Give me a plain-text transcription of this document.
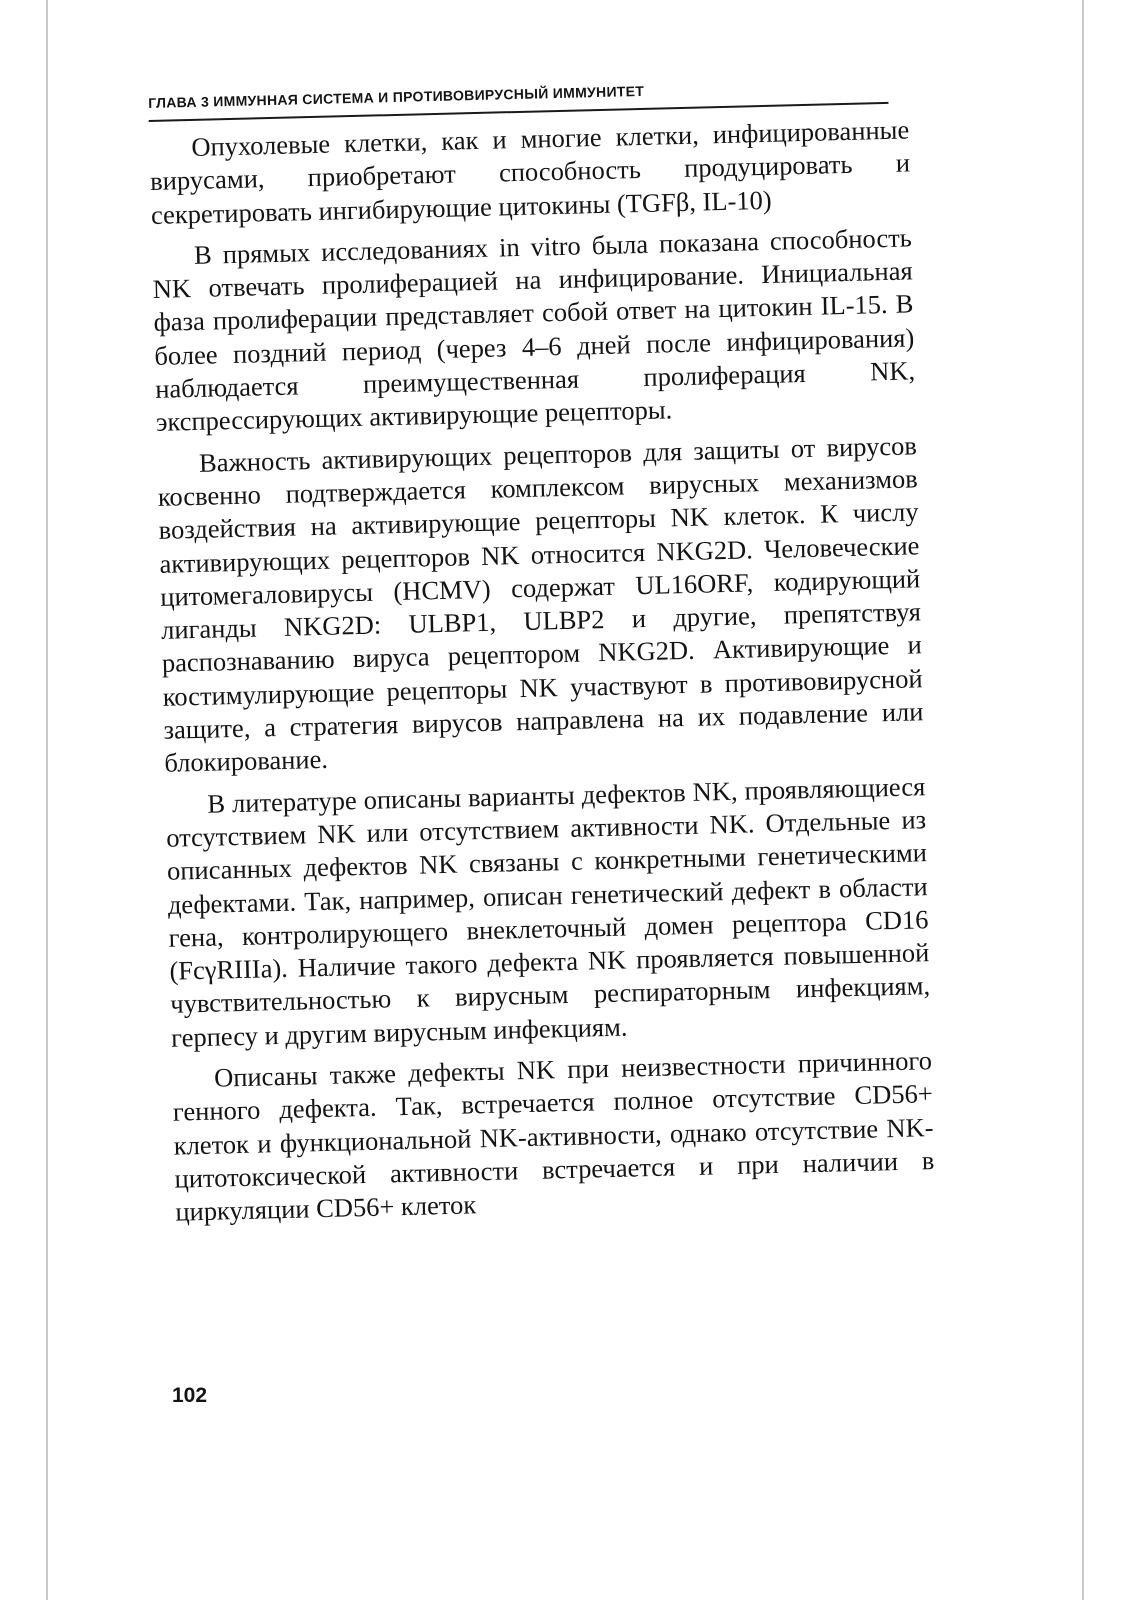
ГЛАВА 3 ИММУННАЯ СИСТЕМА И ПРОТИВОВИРУСНЫЙ ИММУНИТЕТ

Опухолевые клетки, как и многие клетки, инфицированные вирусами, приобретают способность продуцировать и секретировать ингибирующие цитокины (TGFβ, IL-10)

В прямых исследованиях in vitro была показана способность NK отвечать пролиферацией на инфицирование. Инициальная фаза пролиферации представляет собой ответ на цитокин IL-15. В более поздний период (через 4–6 дней после инфицирования) наблюдается преимущественная пролиферация NK, экспрессирующих активирующие рецепторы.

Важность активирующих рецепторов для защиты от вирусов косвенно подтверждается комплексом вирусных механизмов воздействия на активирующие рецепторы NK клеток. К числу активирующих рецепторов NK относится NKG2D. Человеческие цитомегаловирусы (HCMV) содержат UL16ORF, кодирующий лиганды NKG2D: ULBP1, ULBP2 и другие, препятствуя распознаванию вируса рецептором NKG2D. Активирующие и костимулирующие рецепторы NK участвуют в противовирусной защите, а стратегия вирусов направлена на их подавление или блокирование.

В литературе описаны варианты дефектов NK, проявляющиеся отсутствием NK или отсутствием активности NK. Отдельные из описанных дефектов NK связаны с конкретными генетическими дефектами. Так, например, описан генетический дефект в области гена, контролирующего внеклеточный домен рецептора CD16 (FcγRIIIa). Наличие такого дефекта NK проявляется повышенной чувствительностью к вирусным респираторным инфекциям, герпесу и другим вирусным инфекциям.

Описаны также дефекты NK при неизвестности причинного генного дефекта. Так, встречается полное отсутствие CD56+ клеток и функциональной NK-активности, однако отсутствие NK-цитотоксической активности встречается и при наличии в циркуляции CD56+ клеток

102
